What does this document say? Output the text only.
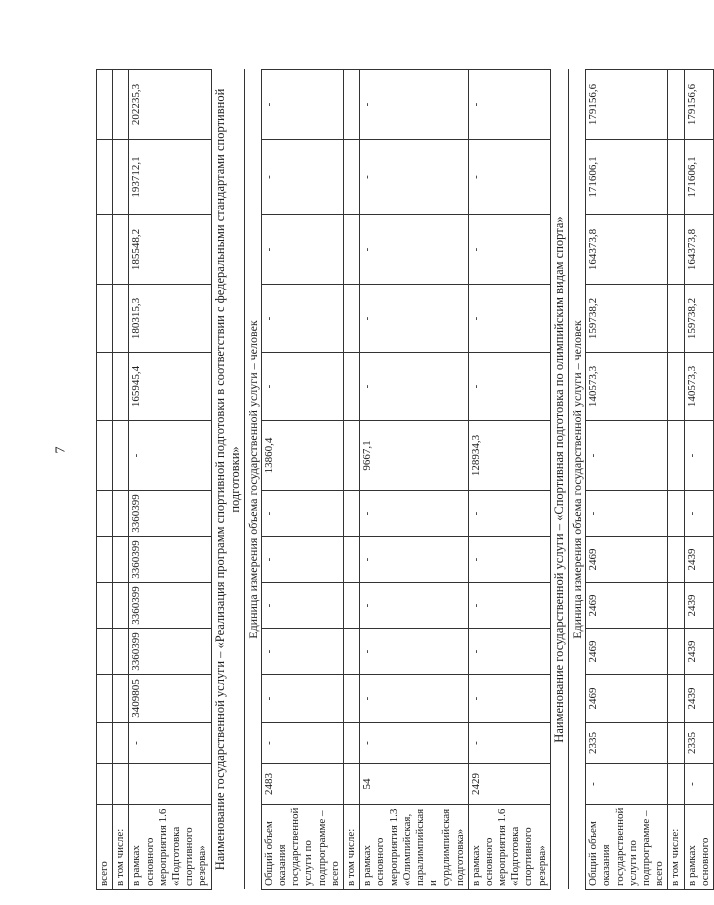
7
всего													
в том числе:													
в рамках основного мероприятия 1.6 «Подготовка спортивного резерва»		-	3409805	3360399	3360399	3360399	3360399	-	165945,4	180315,3	185548,2	193712,1	202235,3
Наименование государственной услуги – «Реализация программ спортивной подготовки в соответствии с федеральными стандартами спортивной подготовки»													
Единица измерения объема государственной услуги – человек													
Общий объем оказания государственной услуги по подпрограмме – всего	2483	-	-	-	-	-	-	13860,4	-	-	-	-	-
в том числе:													
в рамках основного мероприятия 1.3 «Олимпийская, паралимпийская и сурдлимпийская подготовка»	54	-	-	-	-	-	-	9667,1	-	-	-	-	-
в рамках основного мероприятия 1.6 «Подготовка спортивного резерва»	2429	-	-	-	-	-	-	128934,3	-	-	-	-	-
Наименование государственной услуги – «Спортивная подготовка по олимпийским видам спорта»													
Единица измерения объема государственной услуги – человек													
Общий объем оказания государственной услуги по подпрограмме – всего	-	2335	2469	2469	2469	2469	-	-	140573,3	159738,2	164373,8	171606,1	179156,6
в том числе:													
в рамках основного	-	2335	2439	2439	2439	2439	-	-	140573,3	159738,2	164373,8	171606,1	179156,6
